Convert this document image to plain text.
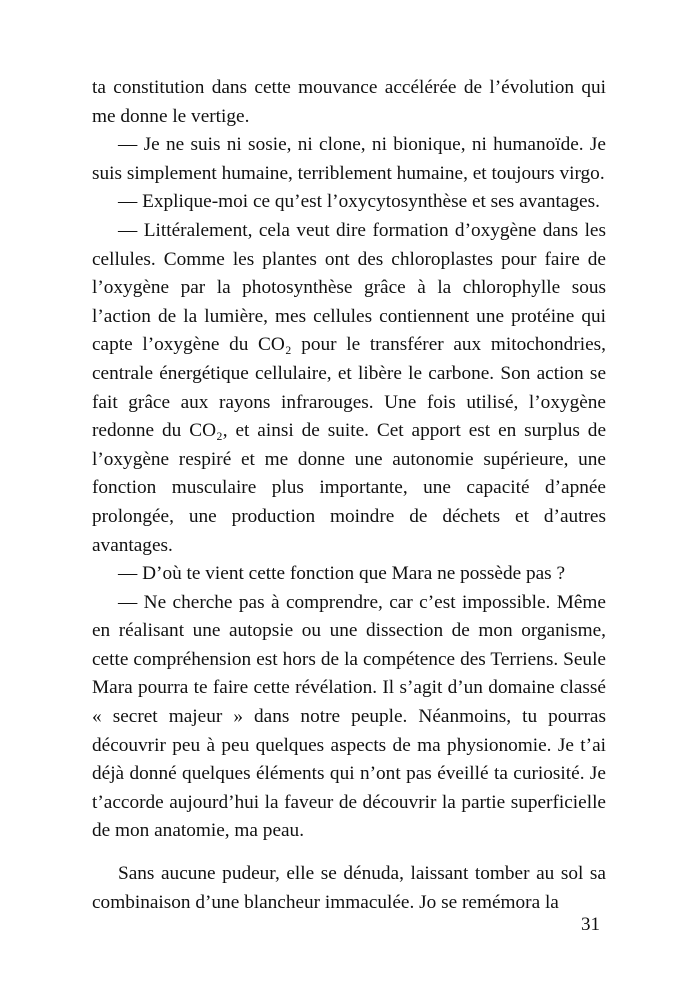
ta constitution dans cette mouvance accélérée de l’évolution qui me donne le vertige.

— Je ne suis ni sosie, ni clone, ni bionique, ni humanoïde. Je suis simplement humaine, terriblement humaine, et toujours virgo.

— Explique-moi ce qu’est l’oxycytosynthèse et ses avantages.

— Littéralement, cela veut dire formation d’oxygène dans les cellules. Comme les plantes ont des chloroplastes pour faire de l’oxygène par la photosynthèse grâce à la chlorophylle sous l’action de la lumière, mes cellules contiennent une protéine qui capte l’oxygène du CO₂ pour le transférer aux mitochondries, centrale énergétique cellulaire, et libère le carbone. Son action se fait grâce aux rayons infrarouges. Une fois utilisé, l’oxygène redonne du CO₂, et ainsi de suite. Cet apport est en surplus de l’oxygène respiré et me donne une autonomie supérieure, une fonction musculaire plus importante, une capacité d’apnée prolongée, une production moindre de déchets et d’autres avantages.

— D’où te vient cette fonction que Mara ne possède pas ?

— Ne cherche pas à comprendre, car c’est impossible. Même en réalisant une autopsie ou une dissection de mon organisme, cette compréhension est hors de la compétence des Terriens. Seule Mara pourra te faire cette révélation. Il s’agit d’un domaine classé « secret majeur » dans notre peuple. Néanmoins, tu pourras découvrir peu à peu quelques aspects de ma physionomie. Je t’ai déjà donné quelques éléments qui n’ont pas éveillé ta curiosité. Je t’accorde aujourd’hui la faveur de découvrir la partie superficielle de mon anatomie, ma peau.

Sans aucune pudeur, elle se dénuda, laissant tomber au sol sa combinaison d’une blancheur immaculée. Jo se remémora la

31
